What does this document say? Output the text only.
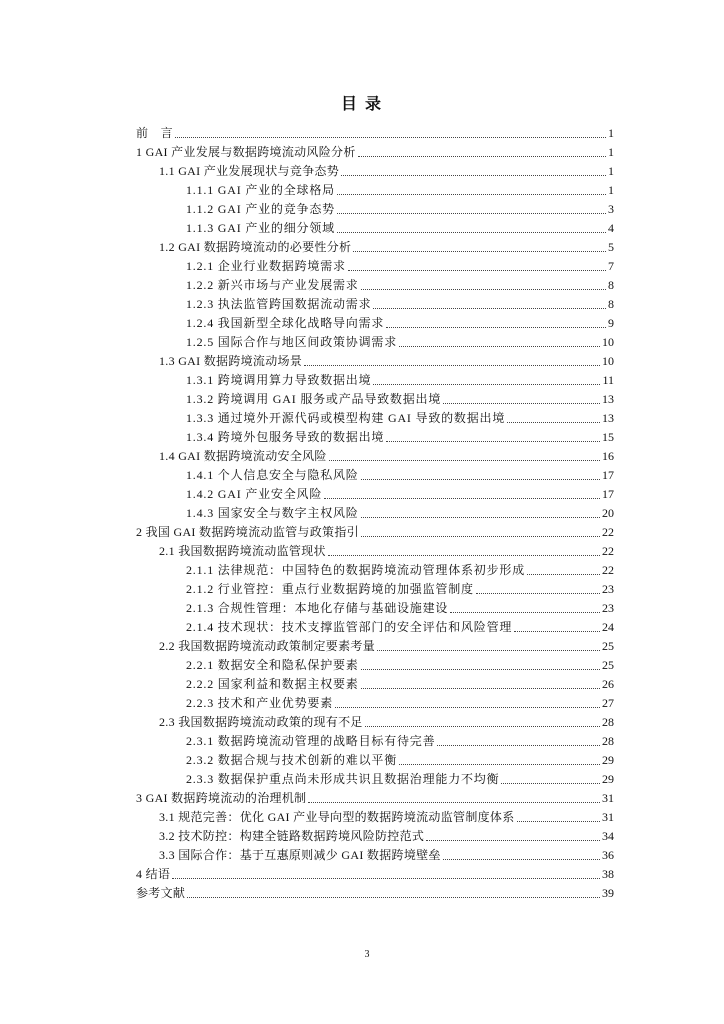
目 录
前　言	1
1 GAI 产业发展与数据跨境流动风险分析	1
1.1 GAI 产业发展现状与竞争态势	1
1.1.1 GAI 产业的全球格局	1
1.1.2 GAI 产业的竞争态势	3
1.1.3 GAI 产业的细分领域	4
1.2 GAI 数据跨境流动的必要性分析	5
1.2.1 企业行业数据跨境需求	7
1.2.2 新兴市场与产业发展需求	8
1.2.3 执法监管跨国数据流动需求	8
1.2.4 我国新型全球化战略导向需求	9
1.2.5 国际合作与地区间政策协调需求	10
1.3 GAI 数据跨境流动场景	10
1.3.1 跨境调用算力导致数据出境	11
1.3.2 跨境调用 GAI 服务或产品导致数据出境	13
1.3.3 通过境外开源代码或模型构建 GAI 导致的数据出境	13
1.3.4 跨境外包服务导致的数据出境	15
1.4 GAI 数据跨境流动安全风险	16
1.4.1 个人信息安全与隐私风险	17
1.4.2 GAI 产业安全风险	17
1.4.3 国家安全与数字主权风险	20
2 我国 GAI 数据跨境流动监管与政策指引	22
2.1 我国数据跨境流动监管现状	22
2.1.1 法律规范：中国特色的数据跨境流动管理体系初步形成	22
2.1.2 行业管控：重点行业数据跨境的加强监管制度	23
2.1.3 合规性管理：本地化存储与基础设施建设	23
2.1.4 技术现状：技术支撑监管部门的安全评估和风险管理	24
2.2 我国数据跨境流动政策制定要素考量	25
2.2.1 数据安全和隐私保护要素	25
2.2.2 国家利益和数据主权要素	26
2.2.3 技术和产业优势要素	27
2.3 我国数据跨境流动政策的现有不足	28
2.3.1 数据跨境流动管理的战略目标有待完善	28
2.3.2 数据合规与技术创新的难以平衡	29
2.3.3 数据保护重点尚未形成共识且数据治理能力不均衡	29
3 GAI 数据跨境流动的治理机制	31
3.1 规范完善：优化 GAI 产业导向型的数据跨境流动监管制度体系	31
3.2 技术防控：构建全链路数据跨境风险防控范式	34
3.3 国际合作：基于互惠原则减少 GAI 数据跨境壁垒	36
4 结语	38
参考文献	39
3
